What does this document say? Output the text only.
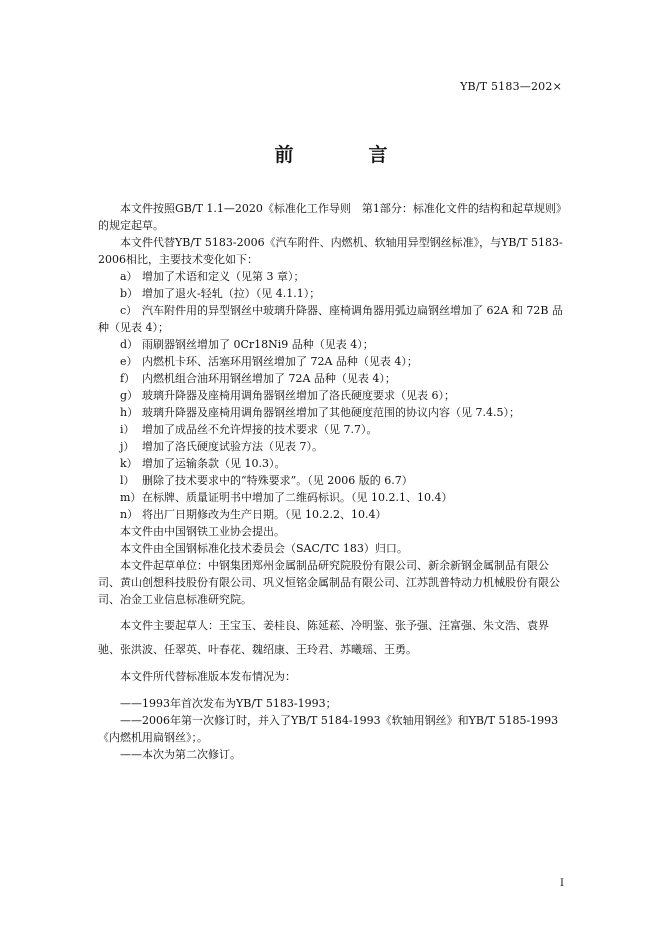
YB/T 5183—202×
前　言

本文件按照GB/T 1.1—2020《标准化工作导则　第1部分：标准化文件的结构和起草规则》的规定起草。

本文件代替YB/T 5183-2006《汽车附件、内燃机、软轴用异型钢丝标准》，与YB/T 5183-2006相比，主要技术变化如下：

a） 增加了术语和定义（见第 3 章）；

b） 增加了退火-轻轧（拉）（见 4.1.1）；

c） 汽车附件用的异型钢丝中玻璃升降器、座椅调角器用弧边扁钢丝增加了 62A 和 72B 品种（见表 4）；

d） 雨刷器钢丝增加了 0Cr18Ni9 品种（见表 4）；

e） 内燃机卡环、活塞环用钢丝增加了 72A 品种（见表 4）；

f） 内燃机组合油环用钢丝增加了 72A 品种（见表 4）；

g） 玻璃升降器及座椅用调角器钢丝增加了洛氏硬度要求（见表 6）；

h） 玻璃升降器及座椅用调角器钢丝增加了其他硬度范围的协议内容（见 7.4.5）；

i） 增加了成品丝不允许焊接的技术要求（见 7.7）。

j） 增加了洛氏硬度试验方法（见表 7）。

k） 增加了运输条款（见 10.3）。

l） 删除了技术要求中的“特殊要求”。（见 2006 版的 6.7）

m） 在标牌、质量证明书中增加了二维码标识。（见 10.2.1、10.4）

n） 将出厂日期修改为生产日期。（见 10.2.2、10.4）

本文件由中国钢铁工业协会提出。

本文件由全国钢标准化技术委员会（SAC/TC 183）归口。

本文件起草单位：中钢集团郑州金属制品研究院股份有限公司、新余新钢金属制品有限公司、黄山创想科技股份有限公司、巩义恒铭金属制品有限公司、江苏凯普特动力机械股份有限公司、冶金工业信息标准研究院。

本文件主要起草人：王宝玉、姜桂良、陈延菘、冷明鉴、张予强、汪富强、朱文浩、袁界驰、张洪波、任翠英、叶春花、魏绍康、王玲君、苏曦瑶、王勇。

本文件所代替标准版本发布情况为：

——1993年首次发布为YB/T 5183-1993；

——2006年第一次修订时，并入了YB/T 5184-1993《软轴用钢丝》和YB/T 5185-1993《内燃机用扁钢丝》；。

——本次为第二次修订。

I
